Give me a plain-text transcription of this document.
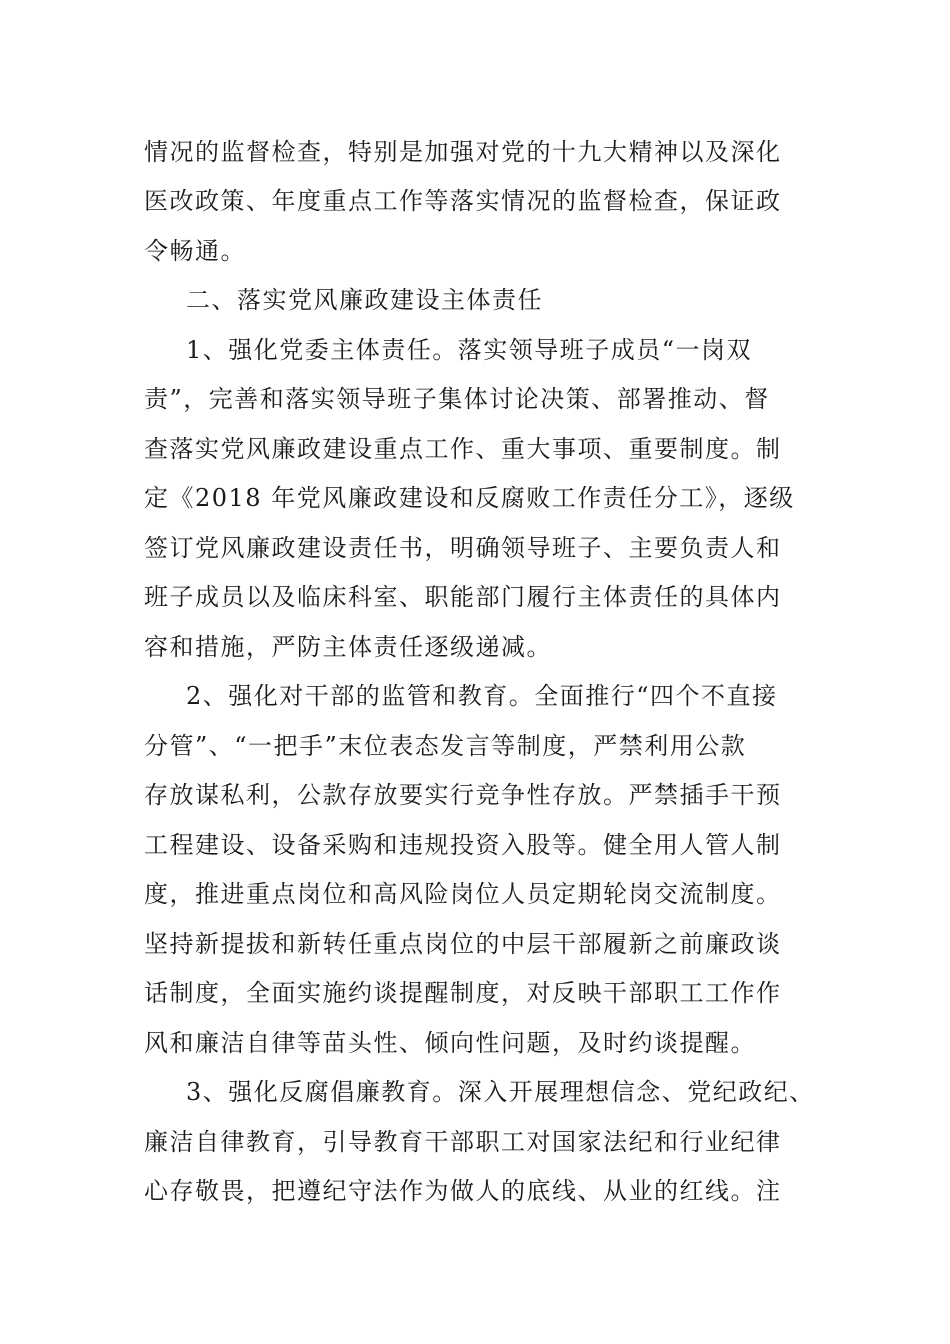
情况的监督检查，特别是加强对党的十九大精神以及深化
医改政策、年度重点工作等落实情况的监督检查，保证政
令畅通。
二、落实党风廉政建设主体责任
1、强化党委主体责任。落实领导班子成员“一岗双
责”，完善和落实领导班子集体讨论决策、部署推动、督
查落实党风廉政建设重点工作、重大事项、重要制度。制
定《2018 年党风廉政建设和反腐败工作责任分工》，逐级
签订党风廉政建设责任书，明确领导班子、主要负责人和
班子成员以及临床科室、职能部门履行主体责任的具体内
容和措施，严防主体责任逐级递减。
2、强化对干部的监管和教育。全面推行“四个不直接
分管”、“一把手”末位表态发言等制度，严禁利用公款
存放谋私利，公款存放要实行竞争性存放。严禁插手干预
工程建设、设备采购和违规投资入股等。健全用人管人制
度，推进重点岗位和高风险岗位人员定期轮岗交流制度。
坚持新提拔和新转任重点岗位的中层干部履新之前廉政谈
话制度，全面实施约谈提醒制度，对反映干部职工工作作
风和廉洁自律等苗头性、倾向性问题，及时约谈提醒。
3、强化反腐倡廉教育。深入开展理想信念、党纪政纪、
廉洁自律教育，引导教育干部职工对国家法纪和行业纪律
心存敬畏，把遵纪守法作为做人的底线、从业的红线。注
